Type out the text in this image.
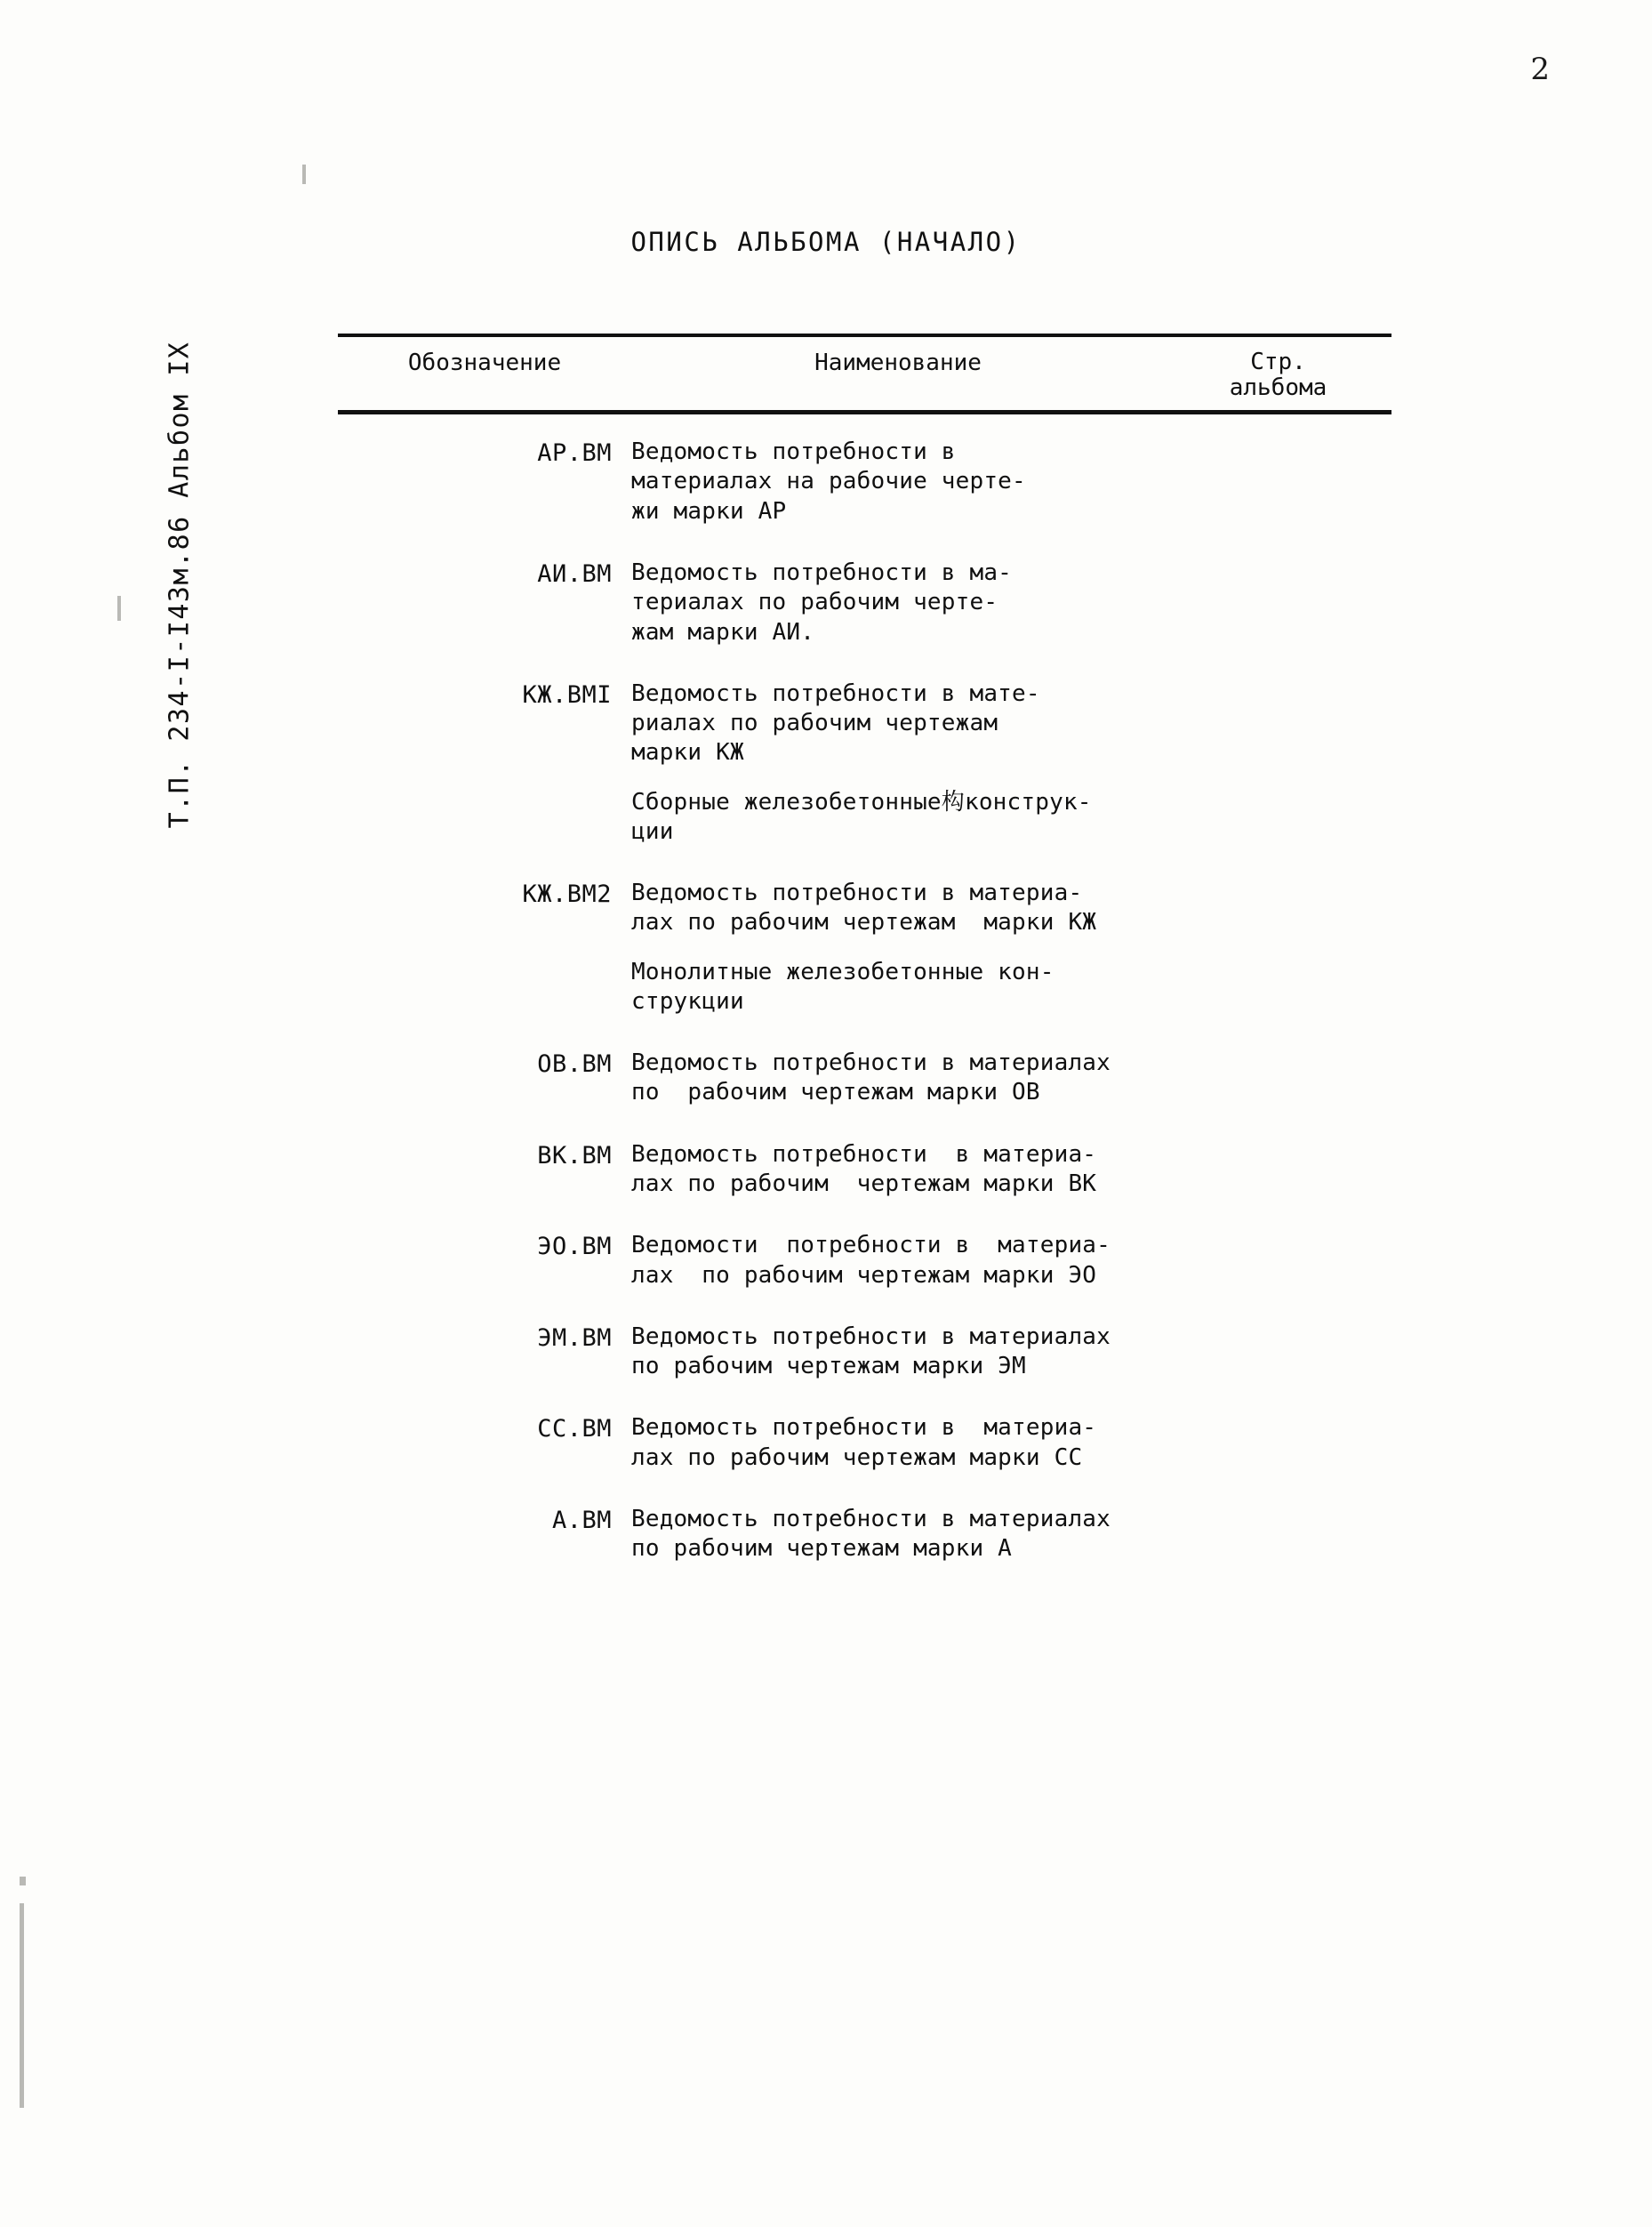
2
ОПИСЬ АЛЬБОМА (НАЧАЛО)
Т.П. 234-I-I43м.86 Альбом IX	Обозначение	Наименование	Стр.
альбома
АР.ВМ Ведомость потребности в
материалах на рабочие черте-
жи марки АР
АИ.ВМ Ведомость потребности в ма-
териалах по рабочим черте-
жам марки АИ.
КЖ.ВМI Ведомость потребности в мате-
риалах по рабочим чертежам
марки КЖ
Сборные железобетонные构конструк-
ции
КЖ.ВМ2 Ведомость потребности в материа-
лах по рабочим чертежам  марки КЖ
Монолитные железобетонные кон-
струкции
ОВ.ВМ Ведомость потребности в материалах
по  рабочим чертежам марки ОВ
ВК.ВМ Ведомость потребности  в материа-
лах по рабочим  чертежам марки ВК
ЭО.ВМ Ведомости  потребности в  материа-
лах  по рабочим чертежам марки ЭО
ЭМ.ВМ Ведомость потребности в материалах
по рабочим чертежам марки ЭМ
СС.ВМ Ведомость потребности в  материа-
лах по рабочим чертежам марки СС
А.ВМ Ведомость потребности в материалах
по рабочим чертежам марки А
